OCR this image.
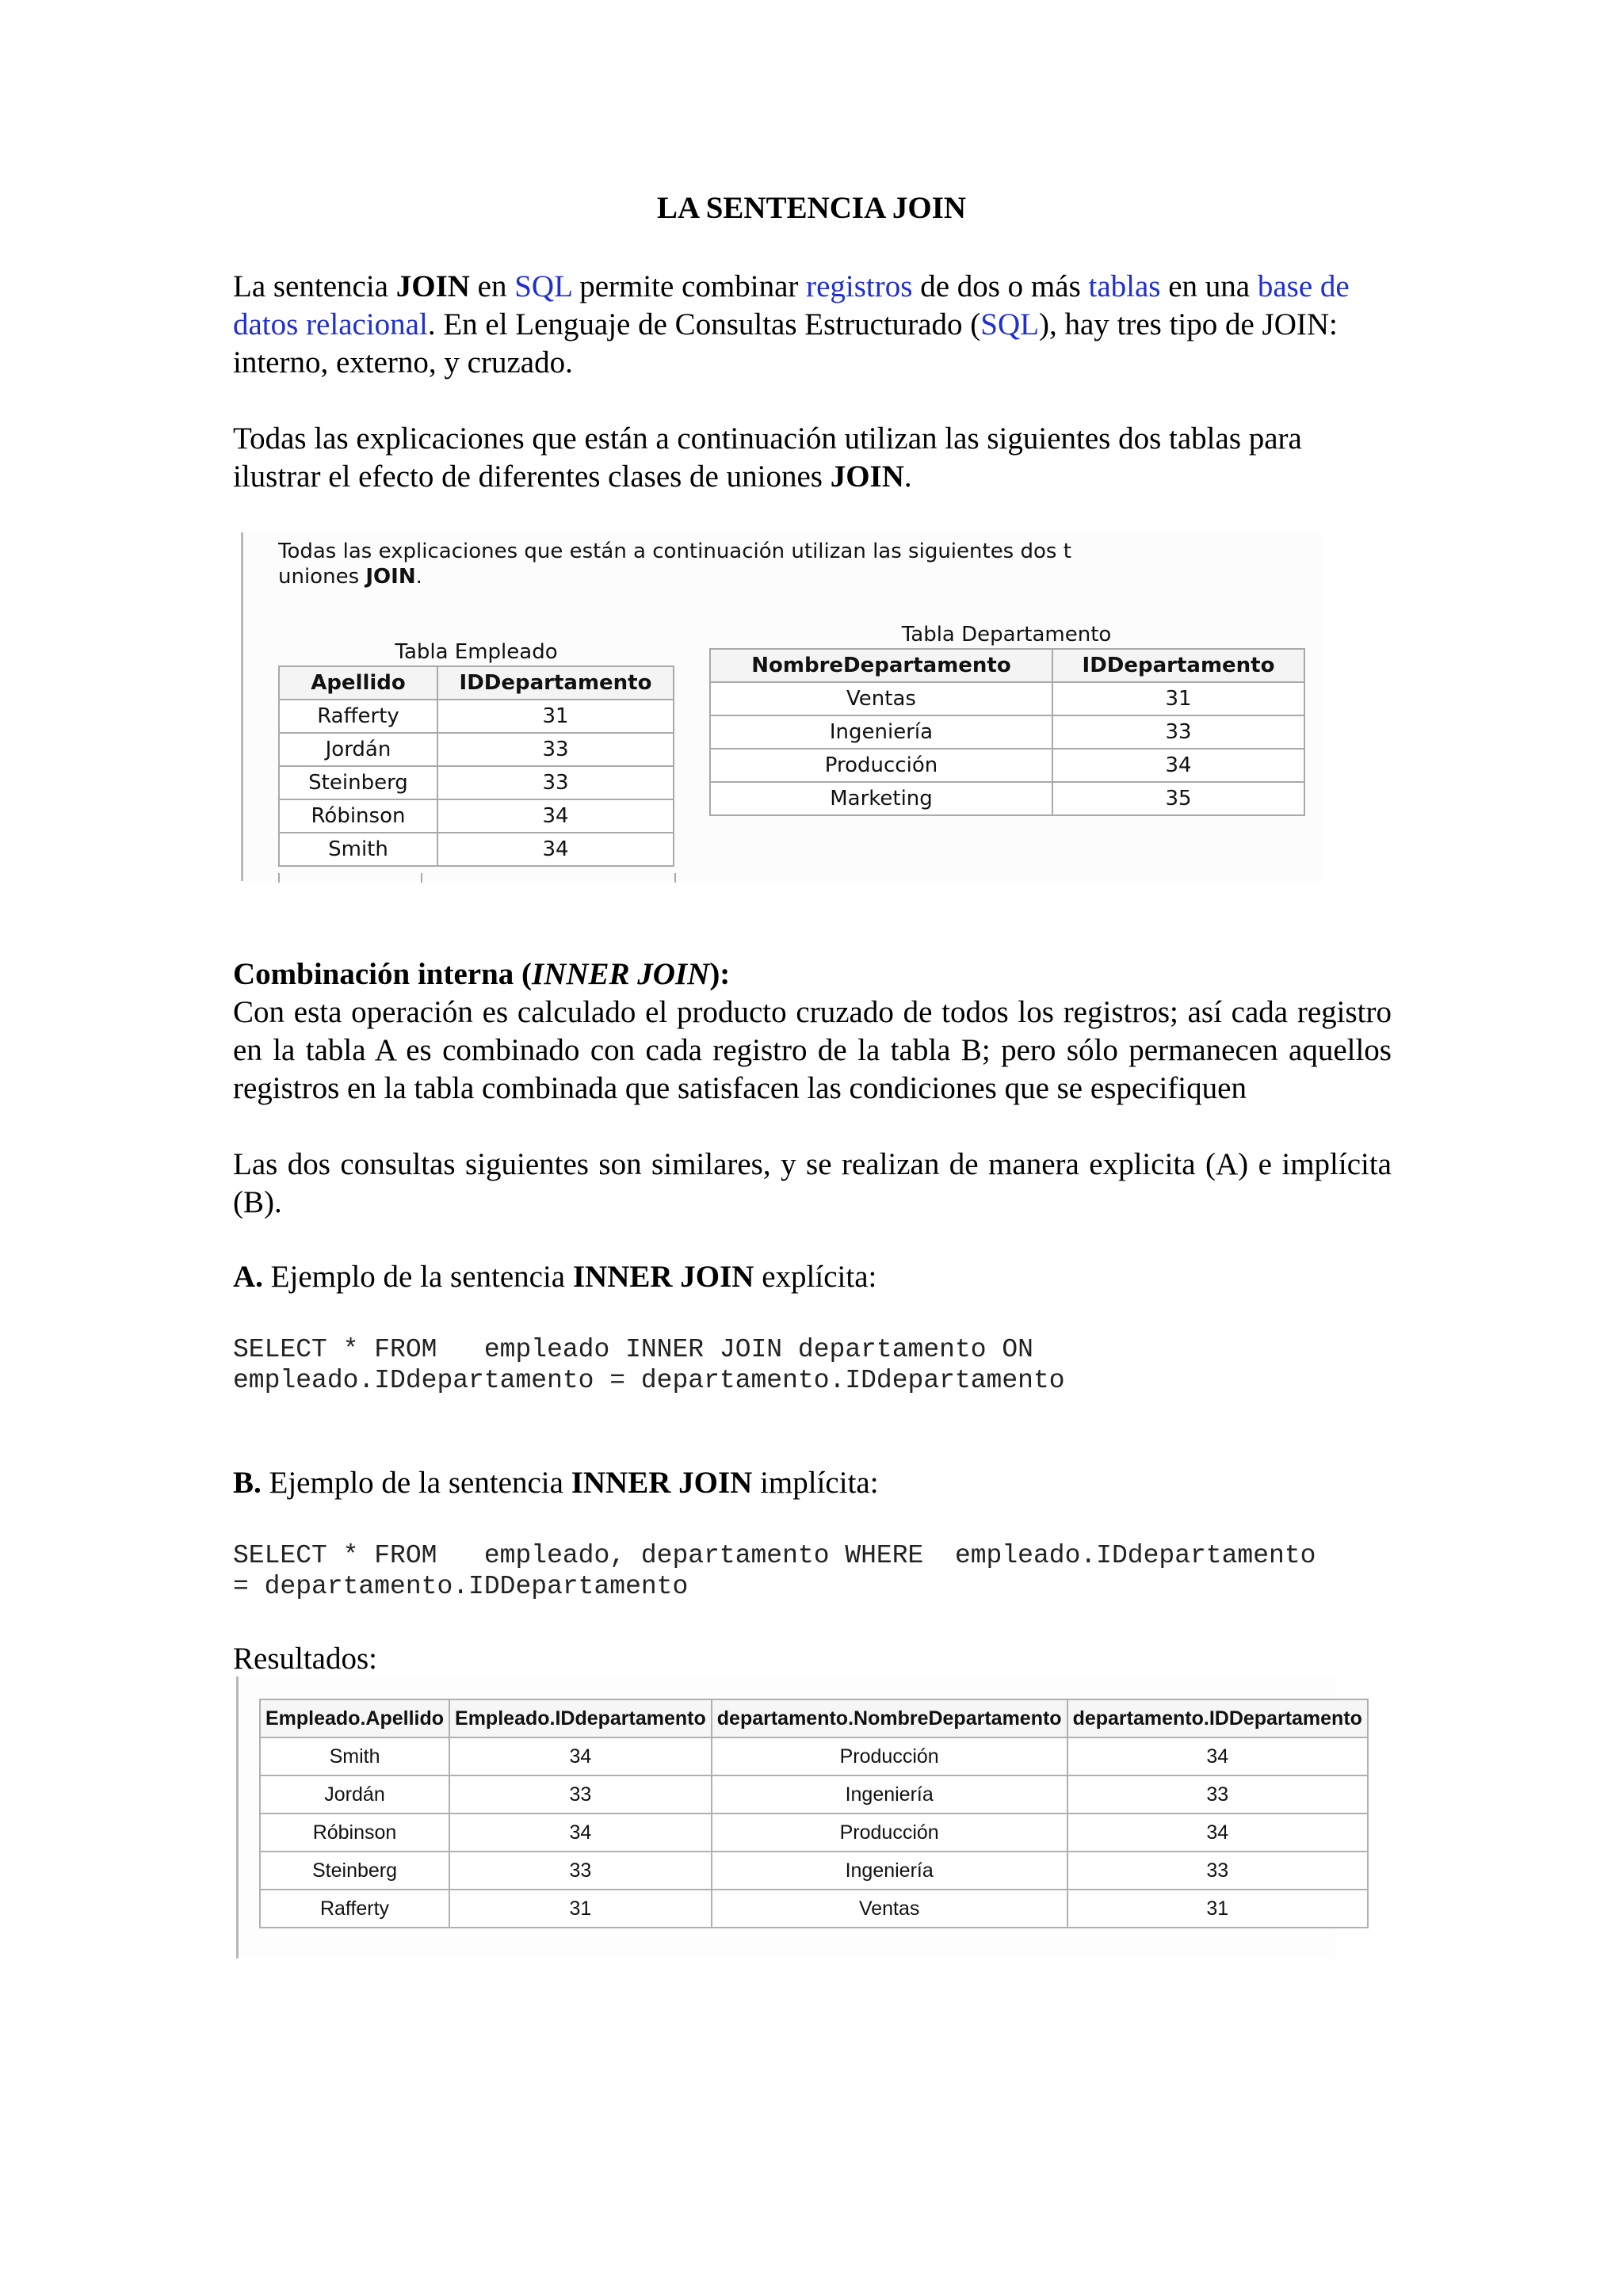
LA SENTENCIA JOIN
La sentencia JOIN en SQL permite combinar registros de dos o más tablas en una base de datos relacional. En el Lenguaje de Consultas Estructurado (SQL), hay tres tipo de JOIN: interno, externo, y cruzado.
Todas las explicaciones que están a continuación utilizan las siguientes dos tablas para ilustrar el efecto de diferentes clases de uniones JOIN.
Todas las explicaciones que están a continuación utilizan las siguientes dos t
uniones JOIN.
Tabla Empleado
Apellido	IDDepartamento
Rafferty	31
Jordán	33
Steinberg	33
Róbinson	34
Smith	34
Tabla Departamento
NombreDepartamento	IDDepartamento
Ventas	31
Ingeniería	33
Producción	34
Marketing	35
Combinación interna (INNER JOIN):
Con esta operación es calculado el producto cruzado de todos los registros; así cada registro en la tabla A es combinado con cada registro de la tabla B; pero sólo permanecen aquellos registros en la tabla combinada que satisfacen las condiciones que se especifiquen
Las dos consultas siguientes son similares, y se realizan de manera explicita (A) e implícita (B).
A. Ejemplo de la sentencia INNER JOIN explícita:
SELECT * FROM   empleado INNER JOIN departamento ON
empleado.IDdepartamento = departamento.IDdepartamento
B. Ejemplo de la sentencia INNER JOIN implícita:
SELECT * FROM   empleado, departamento WHERE  empleado.IDdepartamento
= departamento.IDDepartamento
Resultados:
Empleado.Apellido	Empleado.IDdepartamento	departamento.NombreDepartamento	departamento.IDDepartamento
Smith	34	Producción	34
Jordán	33	Ingeniería	33
Róbinson	34	Producción	34
Steinberg	33	Ingeniería	33
Rafferty	31	Ventas	31
